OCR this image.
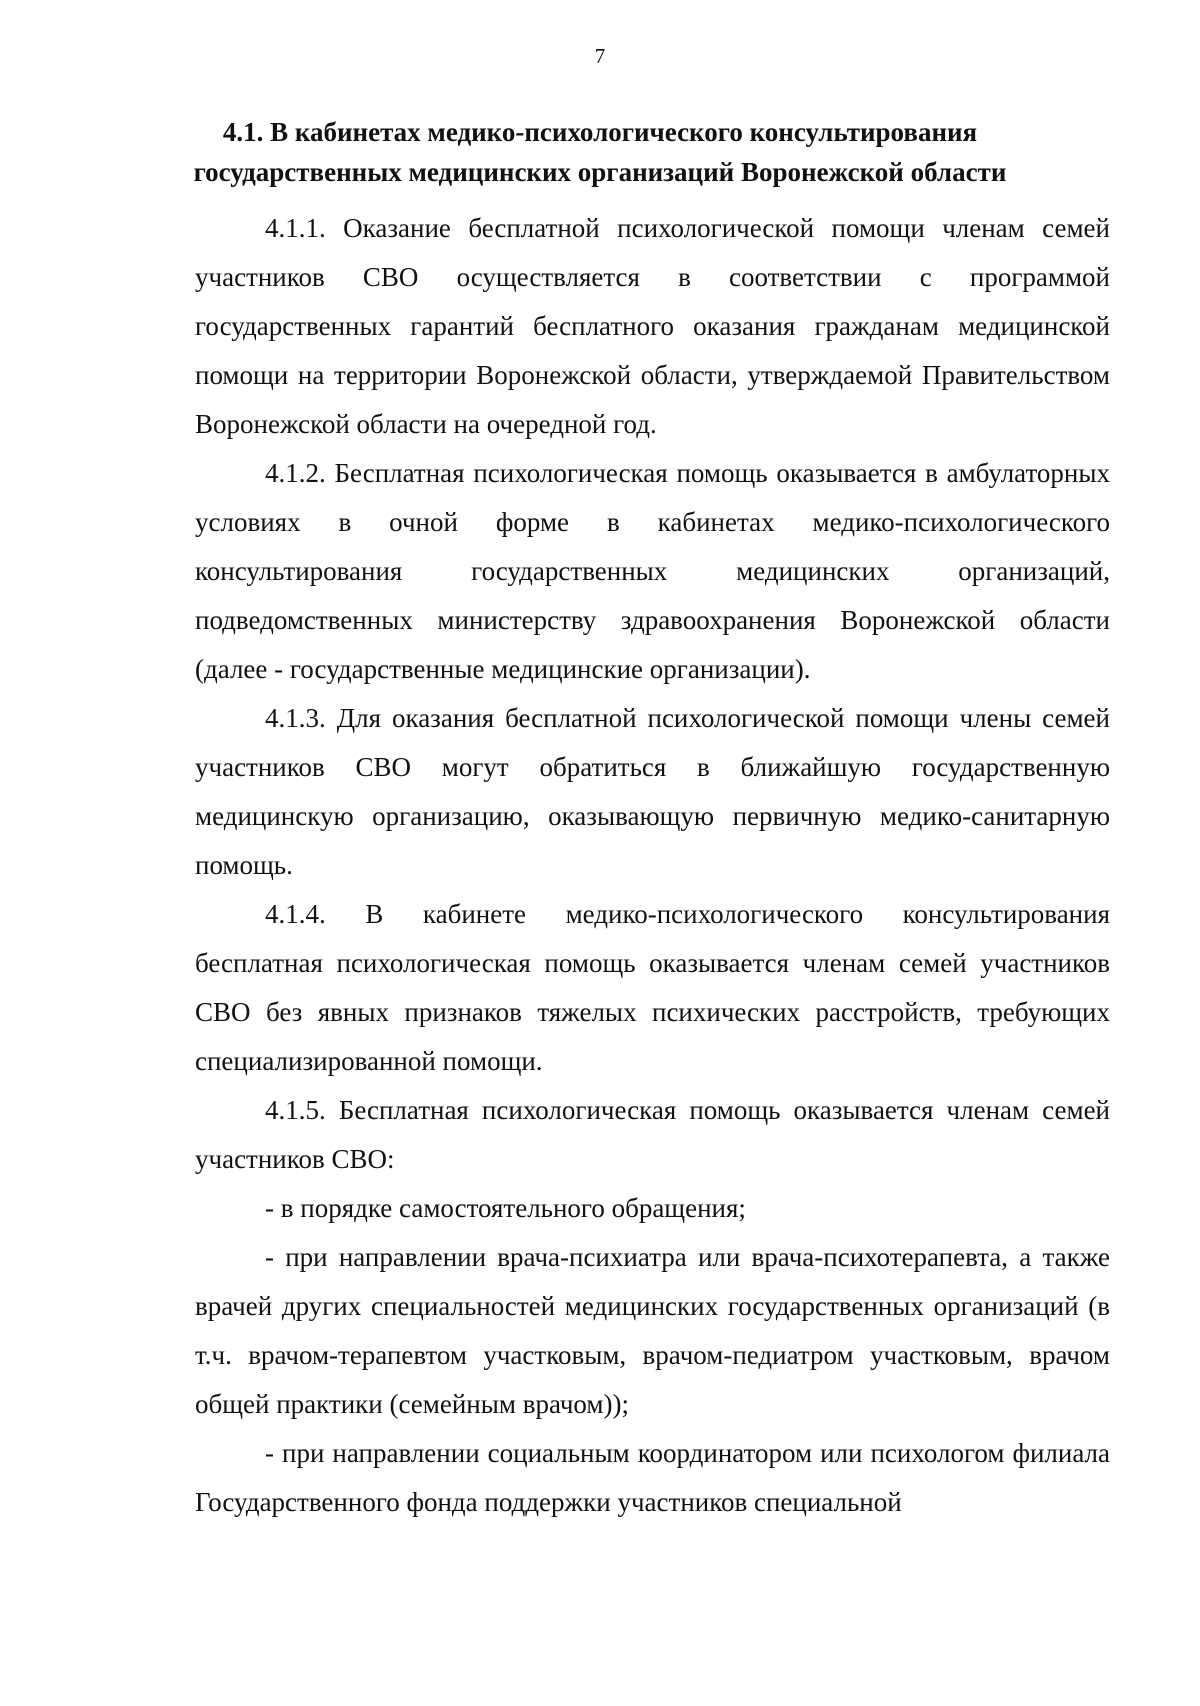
7
4.1. В кабинетах медико-психологического консультирования
государственных медицинских организаций Воронежской области

4.1.1. Оказание бесплатной психологической помощи членам семей участников СВО осуществляется в соответствии с программой государственных гарантий бесплатного оказания гражданам медицинской помощи на территории Воронежской области, утверждаемой Правительством Воронежской области на очередной год.

4.1.2. Бесплатная психологическая помощь оказывается в амбулаторных условиях в очной форме в кабинетах медико-психологического консультирования государственных медицинских организаций, подведомственных министерству здравоохранения Воронежской области (далее - государственные медицинские организации).

4.1.3. Для оказания бесплатной психологической помощи члены семей участников СВО могут обратиться в ближайшую государственную медицинскую организацию, оказывающую первичную медико-санитарную помощь.

4.1.4. В кабинете медико-психологического консультирования бесплатная психологическая помощь оказывается членам семей участников СВО без явных признаков тяжелых психических расстройств, требующих специализированной помощи.

4.1.5. Бесплатная психологическая помощь оказывается членам семей участников СВО:

- в порядке самостоятельного обращения;

- при направлении врача-психиатра или врача-психотерапевта, а также врачей других специальностей медицинских государственных организаций (в т.ч. врачом-терапевтом участковым, врачом-педиатром участковым, врачом общей практики (семейным врачом));

- при направлении социальным координатором или психологом филиала Государственного фонда поддержки участников специальной
